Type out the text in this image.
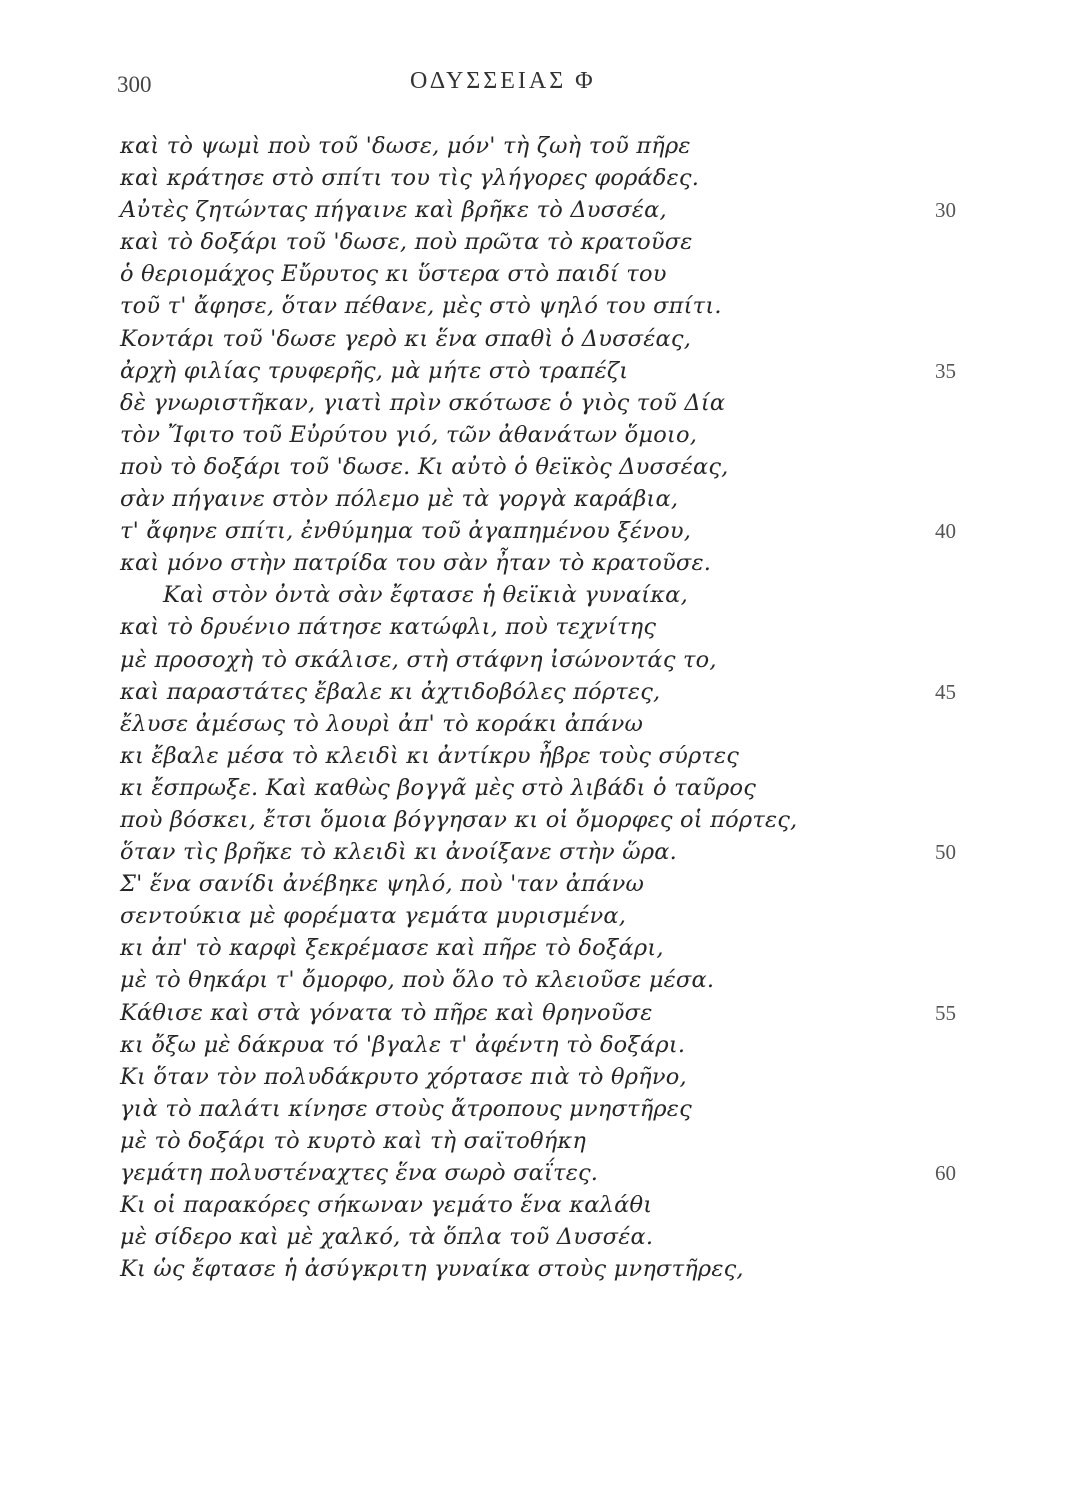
300	ΟΔΥΣΣΕΙΑΣ Φ
καὶ τὸ ψωμὶ ποὺ τοῦ 'δωσε, μόν' τὴ ζωὴ τοῦ πῆρε
καὶ κράτησε στὸ σπίτι του τὶς γλήγορες φοράδες.
Αὐτὲς ζητώντας πήγαινε καὶ βρῆκε τὸ Δυσσέα,	30
καὶ τὸ δοξάρι τοῦ 'δωσε, ποὺ πρῶτα τὸ κρατοῦσε
ὁ θεριομάχος Εὔρυτος κι ὕστερα στὸ παιδί του
τοῦ τ' ἄφησε, ὅταν πέθανε, μὲς στὸ ψηλό του σπίτι.
Κοντάρι τοῦ 'δωσε γερὸ κι ἕνα σπαθὶ ὁ Δυσσέας,
ἀρχὴ φιλίας τρυφερῆς, μὰ μήτε στὸ τραπέζι	35
δὲ γνωριστῆκαν, γιατὶ πρὶν σκότωσε ὁ γιὸς τοῦ Δία
τὸν Ἴφιτο τοῦ Εὐρύτου γιό, τῶν ἀθανάτων ὅμοιο,
ποὺ τὸ δοξάρι τοῦ 'δωσε. Κι αὐτὸ ὁ θεϊκὸς Δυσσέας,
σὰν πήγαινε στὸν πόλεμο μὲ τὰ γοργὰ καράβια,
τ' ἄφηνε σπίτι, ἐνθύμημα τοῦ ἀγαπημένου ξένου,	40
καὶ μόνο στὴν πατρίδα του σὰν ἦταν τὸ κρατοῦσε.
Καὶ στὸν ὀντὰ σὰν ἔφτασε ἡ θεϊκιὰ γυναίκα,
καὶ τὸ δρυένιο πάτησε κατώφλι, ποὺ τεχνίτης
μὲ προσοχὴ τὸ σκάλισε, στὴ στάφνη ἰσώνοντάς το,
καὶ παραστάτες ἔβαλε κι ἀχτιδοβόλες πόρτες,	45
ἔλυσε ἀμέσως τὸ λουρὶ ἀπ' τὸ κοράκι ἀπάνω
κι ἔβαλε μέσα τὸ κλειδὶ κι ἀντίκρυ ἦβρε τοὺς σύρτες
κι ἔσπρωξε. Καὶ καθὼς βογγᾶ μὲς στὸ λιβάδι ὁ ταῦρος
ποὺ βόσκει, ἔτσι ὅμοια βόγγησαν κι οἱ ὄμορφες οἱ πόρτες,
ὅταν τὶς βρῆκε τὸ κλειδὶ κι ἀνοίξανε στὴν ὥρα.	50
Σ' ἕνα σανίδι ἀνέβηκε ψηλό, ποὺ 'ταν ἀπάνω
σεντούκια μὲ φορέματα γεμάτα μυρισμένα,
κι ἀπ' τὸ καρφὶ ξεκρέμασε καὶ πῆρε τὸ δοξάρι,
μὲ τὸ θηκάρι τ' ὄμορφο, ποὺ ὅλο τὸ κλειοῦσε μέσα.
Κάθισε καὶ στὰ γόνατα τὸ πῆρε καὶ θρηνοῦσε	55
κι ὄξω μὲ δάκρυα τό 'βγαλε τ' ἀφέντη τὸ δοξάρι.
Κι ὅταν τὸν πολυδάκρυτο χόρτασε πιὰ τὸ θρῆνο,
γιὰ τὸ παλάτι κίνησε στοὺς ἄτροπους μνηστῆρες
μὲ τὸ δοξάρι τὸ κυρτὸ καὶ τὴ σαϊτοθήκη
γεμάτη πολυστέναχτες ἕνα σωρὸ σαΐτες.	60
Κι οἱ παρακόρες σήκωναν γεμάτο ἕνα καλάθι
μὲ σίδερο καὶ μὲ χαλκό, τὰ ὅπλα τοῦ Δυσσέα.
Κι ὡς ἔφτασε ἡ ἀσύγκριτη γυναίκα στοὺς μνηστῆρες,
